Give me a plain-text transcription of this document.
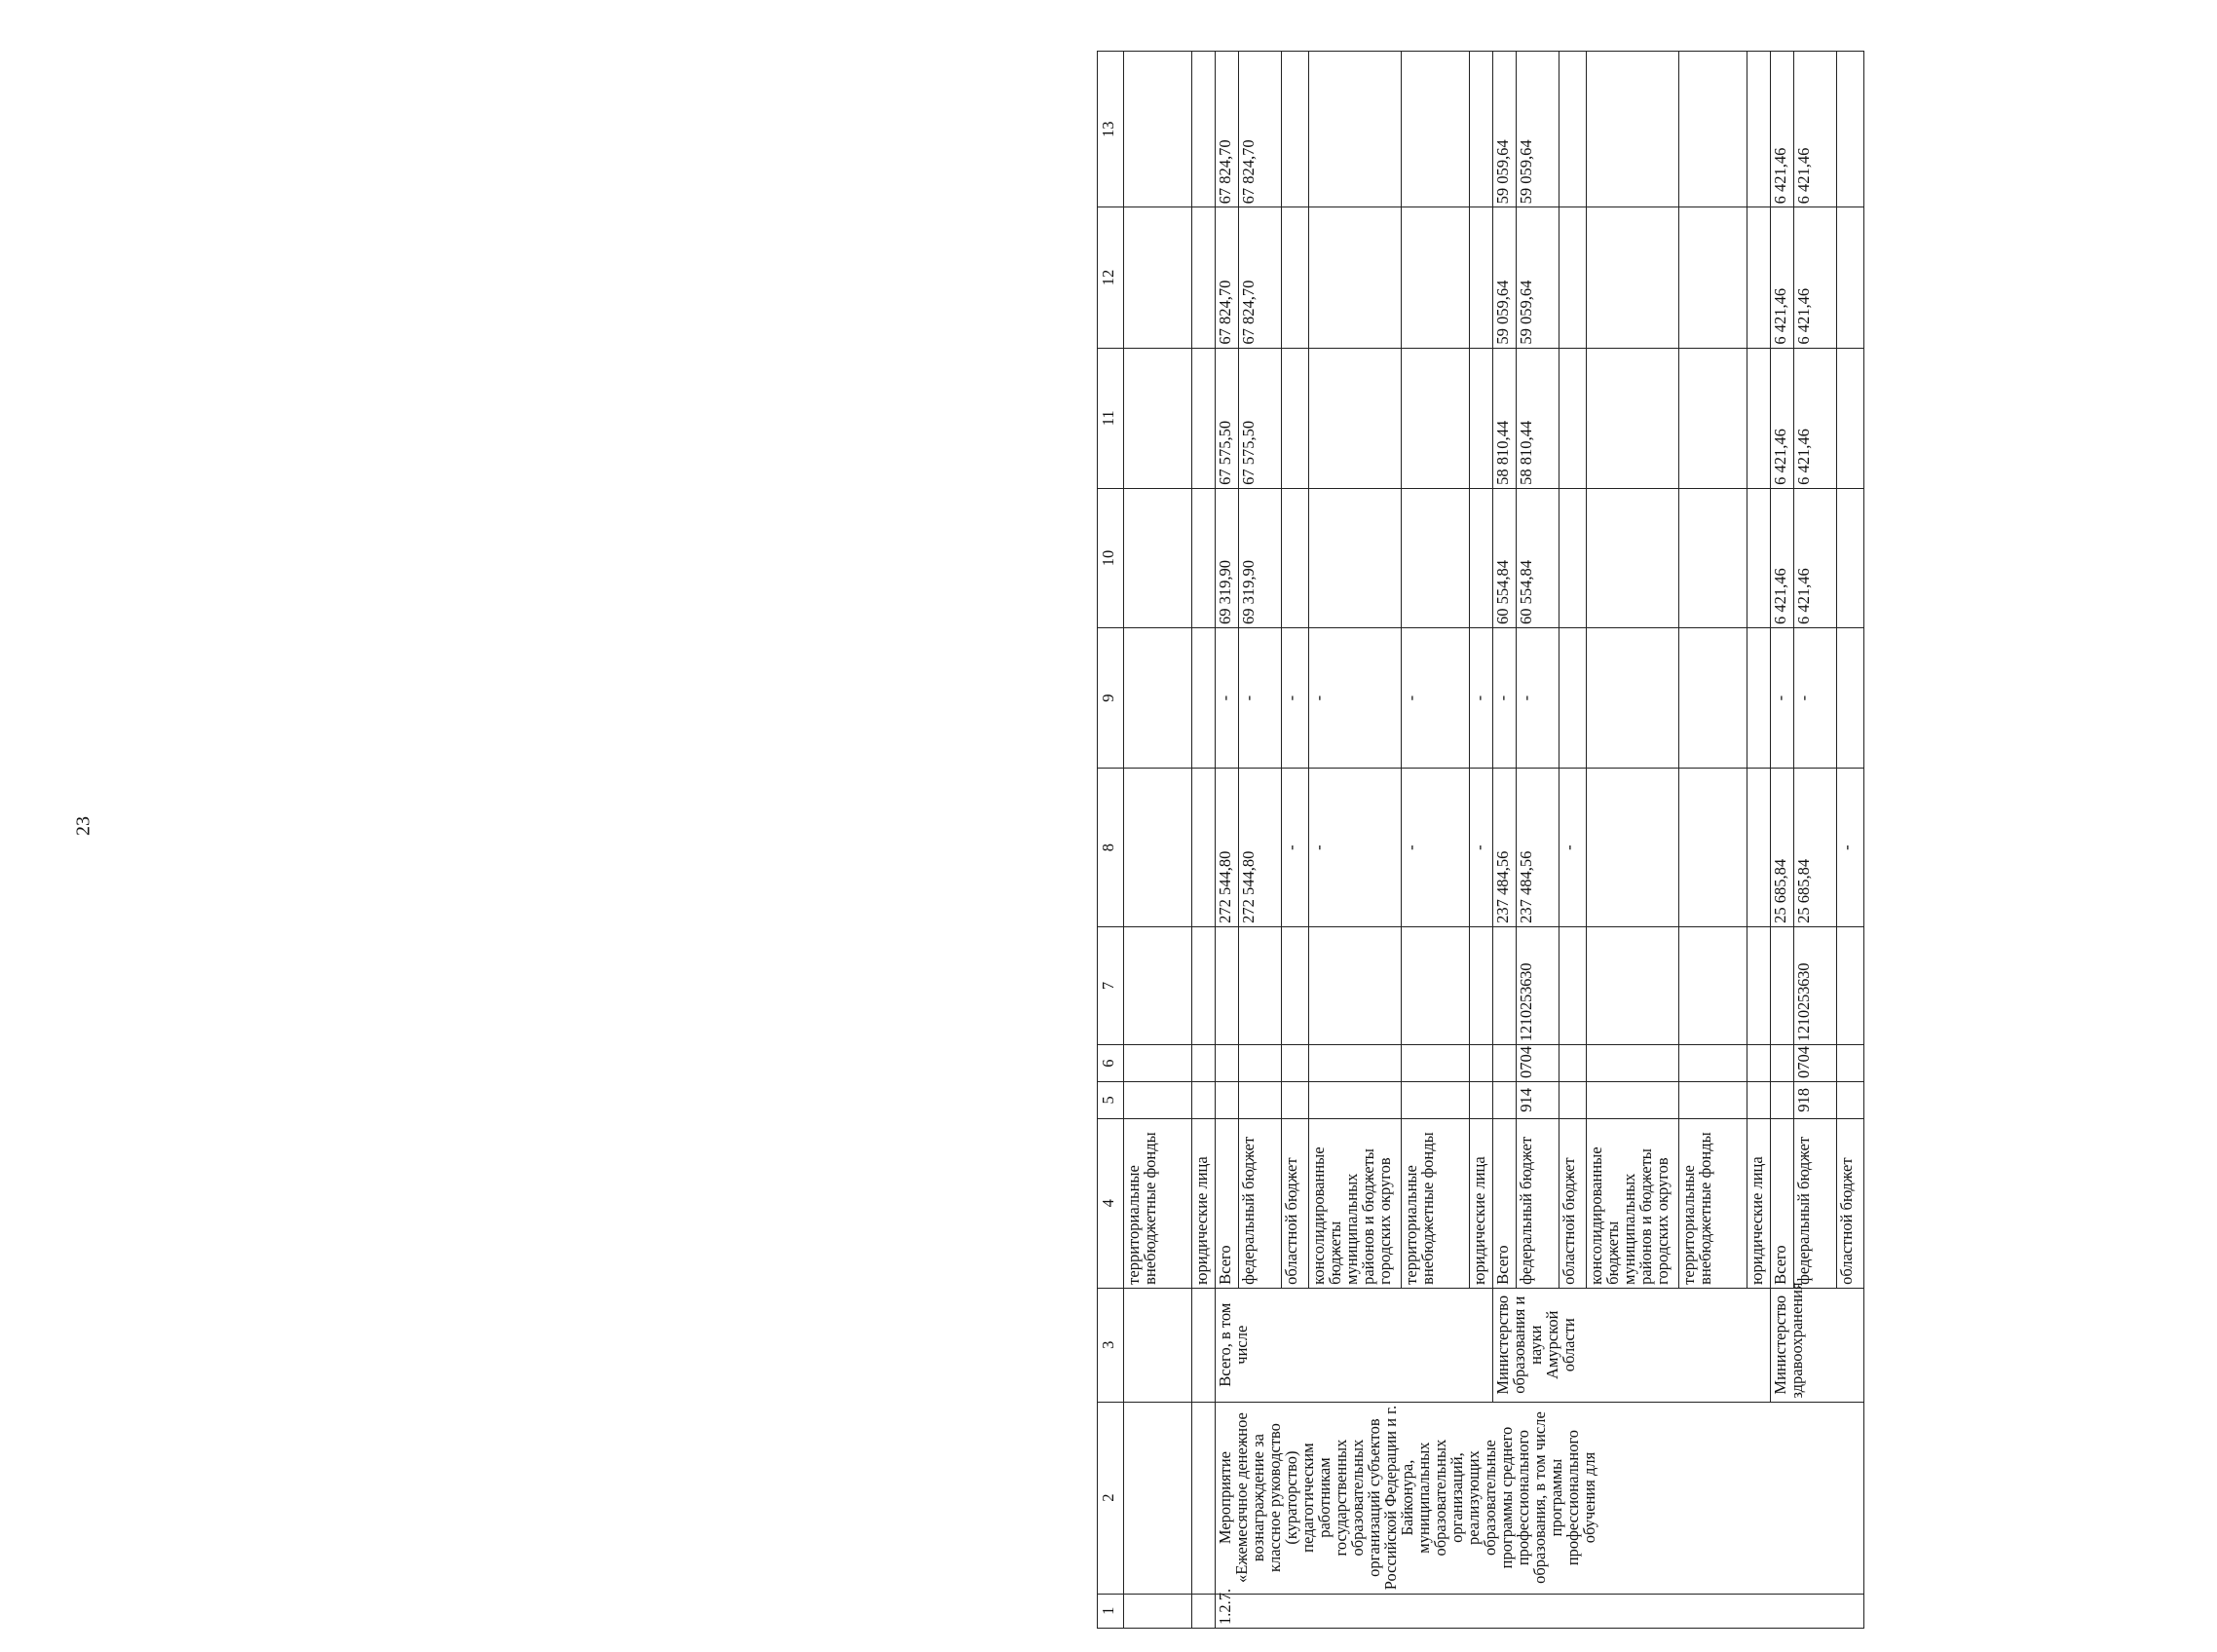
23
1	2	3	4	5	6	7	8	9	10	11	12	13
			территориальные внебюджетные фонды									
			юридические лица									
1.2.7.	Мероприятие «Ежемесячное денежное вознаграждение за классное руководство (кураторство) педагогическим работникам государственных образовательных организаций субъектов Российской Федерации и г. Байконура, муниципальных образовательных организаций, реализующих образовательные программы среднего профессионального образования, в том числе программы профессионального обучения для	Всего, в том числе	Всего				272 544,80	-	69 319,90	67 575,50	67 824,70	67 824,70
			федеральный бюджет				272 544,80	-	69 319,90	67 575,50	67 824,70	67 824,70
			областной бюджет				-	-				
			консолидированные бюджеты муниципальных районов и бюджеты городских округов				-	-				
			территориальные внебюджетные фонды				-	-				
			юридические лица				-	-				
		Министерство образования и науки Амурской области	Всего				237 484,56	-	60 554,84	58 810,44	59 059,64	59 059,64
			федеральный бюджет	914	0704	1210253630	237 484,56	-	60 554,84	58 810,44	59 059,64	59 059,64
			областной бюджет				-					
			консолидированные бюджеты муниципальных районов и бюджеты городских округов									
			территориальные внебюджетные фонды									
			юридические лица									
		Министерство здравоохранения	Всего				25 685,84	-	6 421,46	6 421,46	6 421,46	6 421,46
			федеральный бюджет	918	0704	1210253630	25 685,84	-	6 421,46	6 421,46	6 421,46	6 421,46
			областной бюджет				-					
